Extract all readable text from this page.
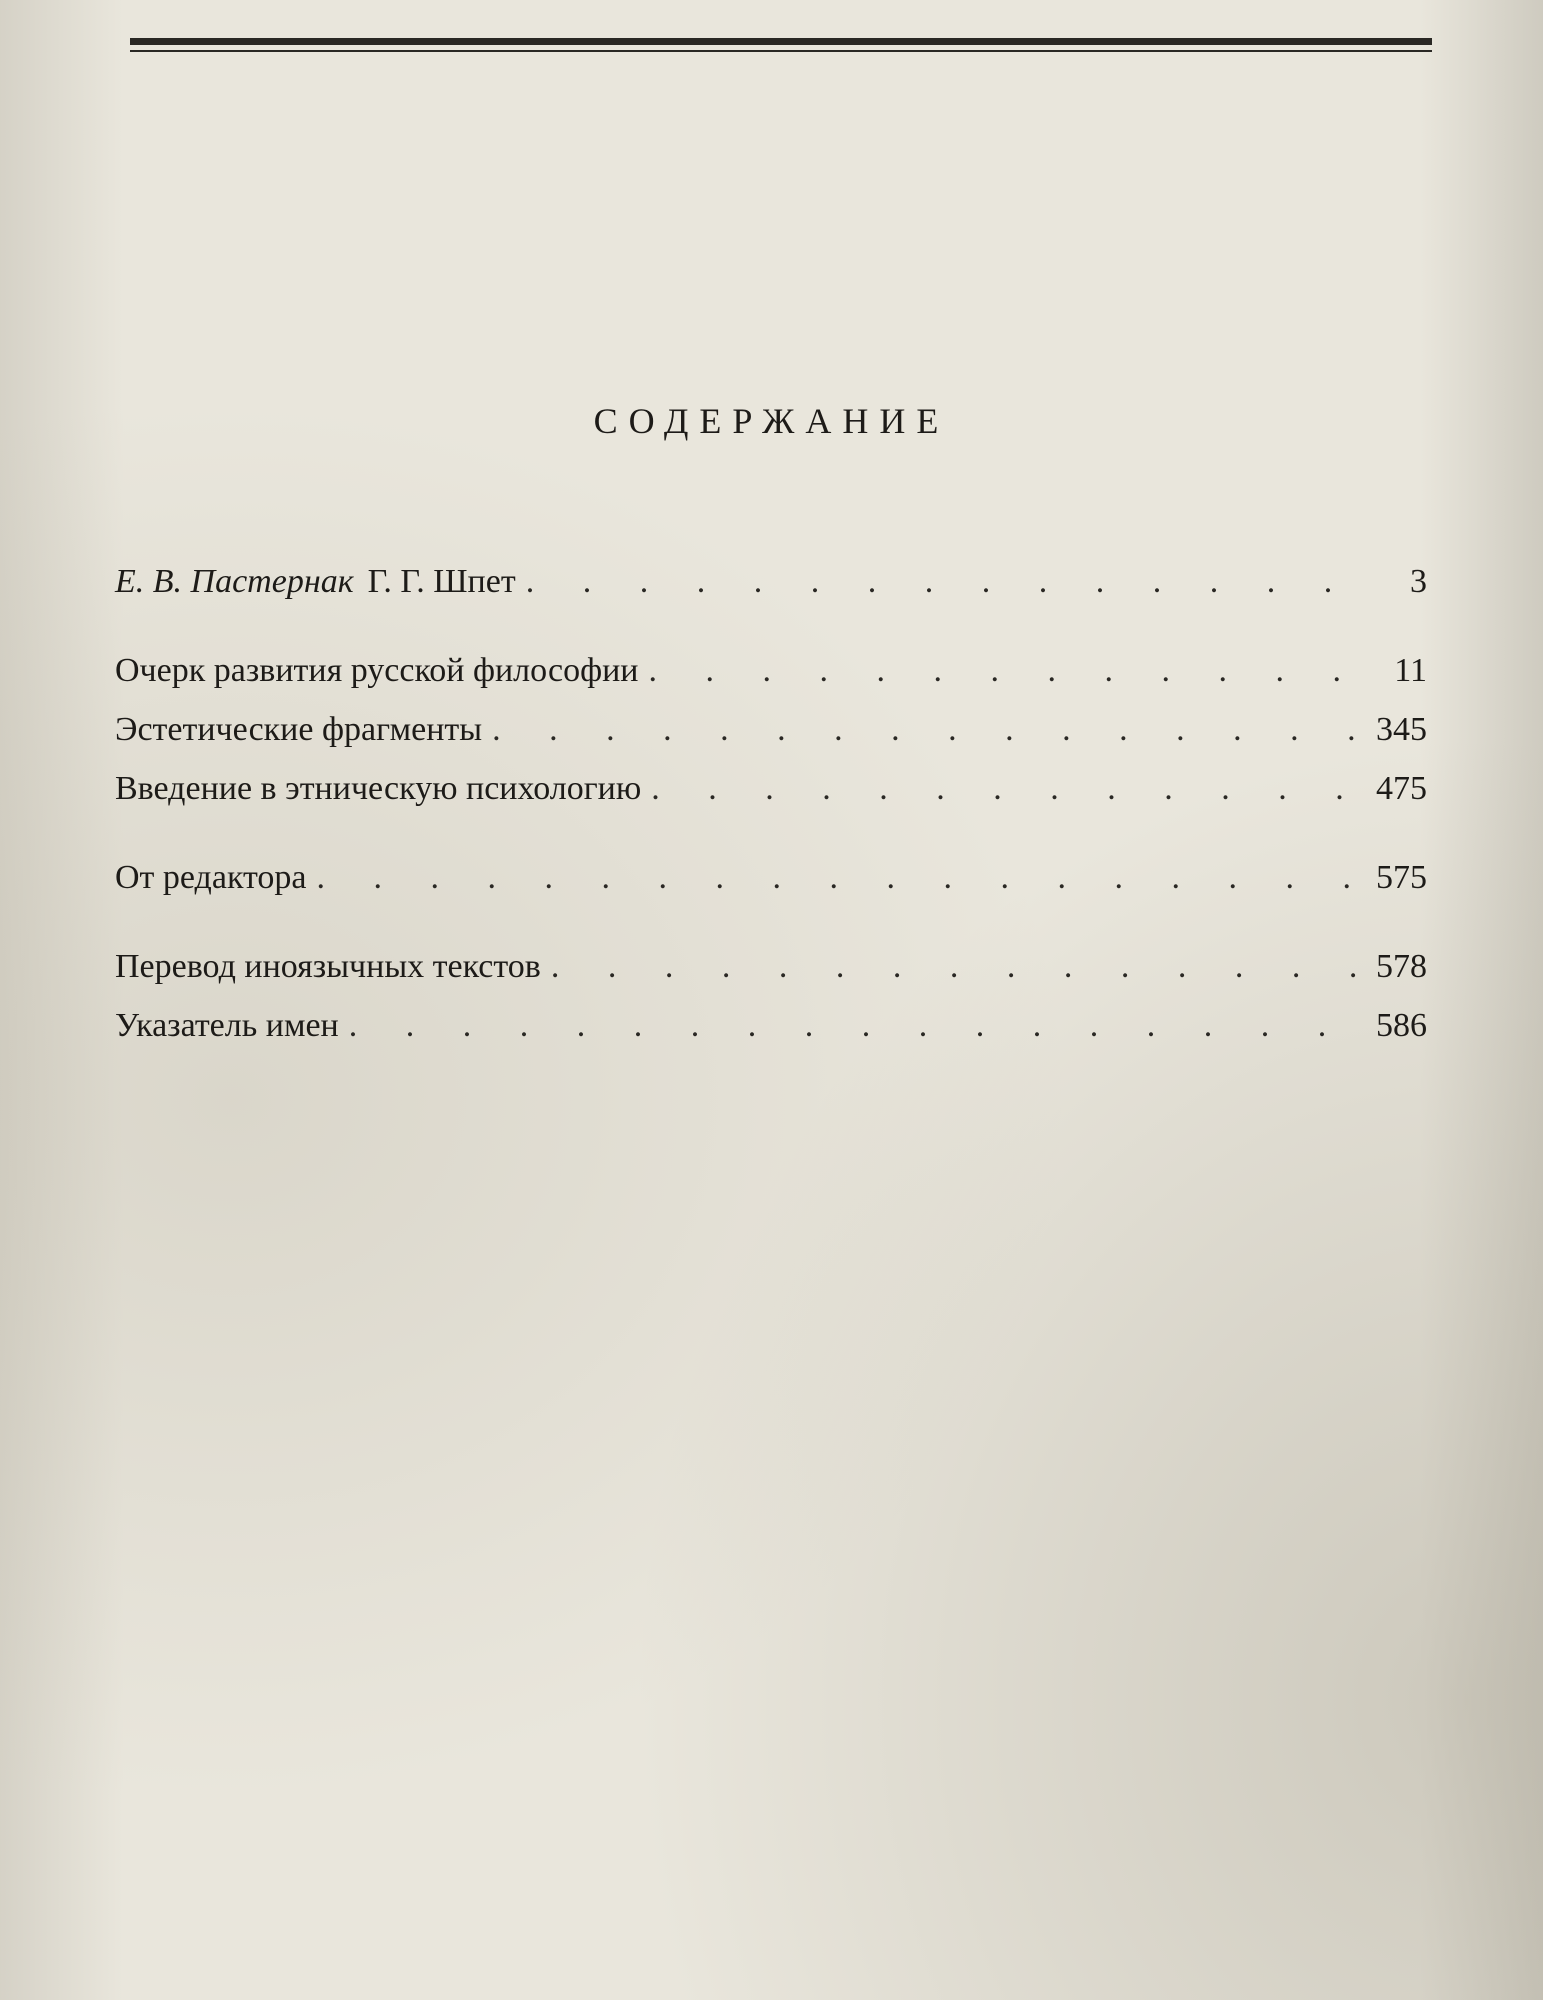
СОДЕРЖАНИЕ
Е. В. Пастернак Г. Г. Шпет . . .	3
Очерк развития русской философии . . .	11
Эстетические фрагменты . . .	345
Введение в этническую психологию . . .	475
От редактора . . .	575
Перевод иноязычных текстов . . .	578
Указатель имен . . .	586
